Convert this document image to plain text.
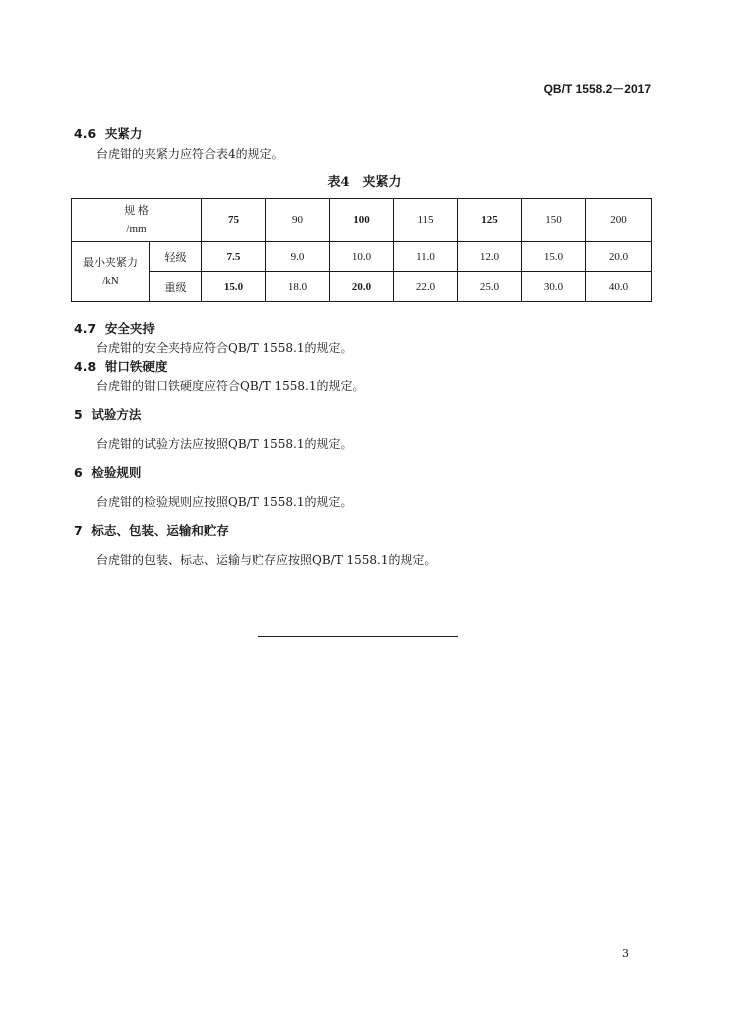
QB/T 1558.2－2017
4.6 夹紧力
台虎钳的夹紧力应符合表4的规定。
表4　夹紧力
规 格
/mm		75	90	100	115	125	150	200

最小夹紧力
/kN	轻级	7.5	9.0	10.0	11.0	12.0	15.0	20.0
	重级	15.0	18.0	20.0	22.0	25.0	30.0	40.0
4.7 安全夹持
台虎钳的安全夹持应符合QB/T 1558.1的规定。
4.8 钳口铁硬度
台虎钳的钳口铁硬度应符合QB/T 1558.1的规定。
5 试验方法
台虎钳的试验方法应按照QB/T 1558.1的规定。
6 检验规则
台虎钳的检验规则应按照QB/T 1558.1的规定。
7 标志、包装、运输和贮存
台虎钳的包装、标志、运输与贮存应按照QB/T 1558.1的规定。
3
